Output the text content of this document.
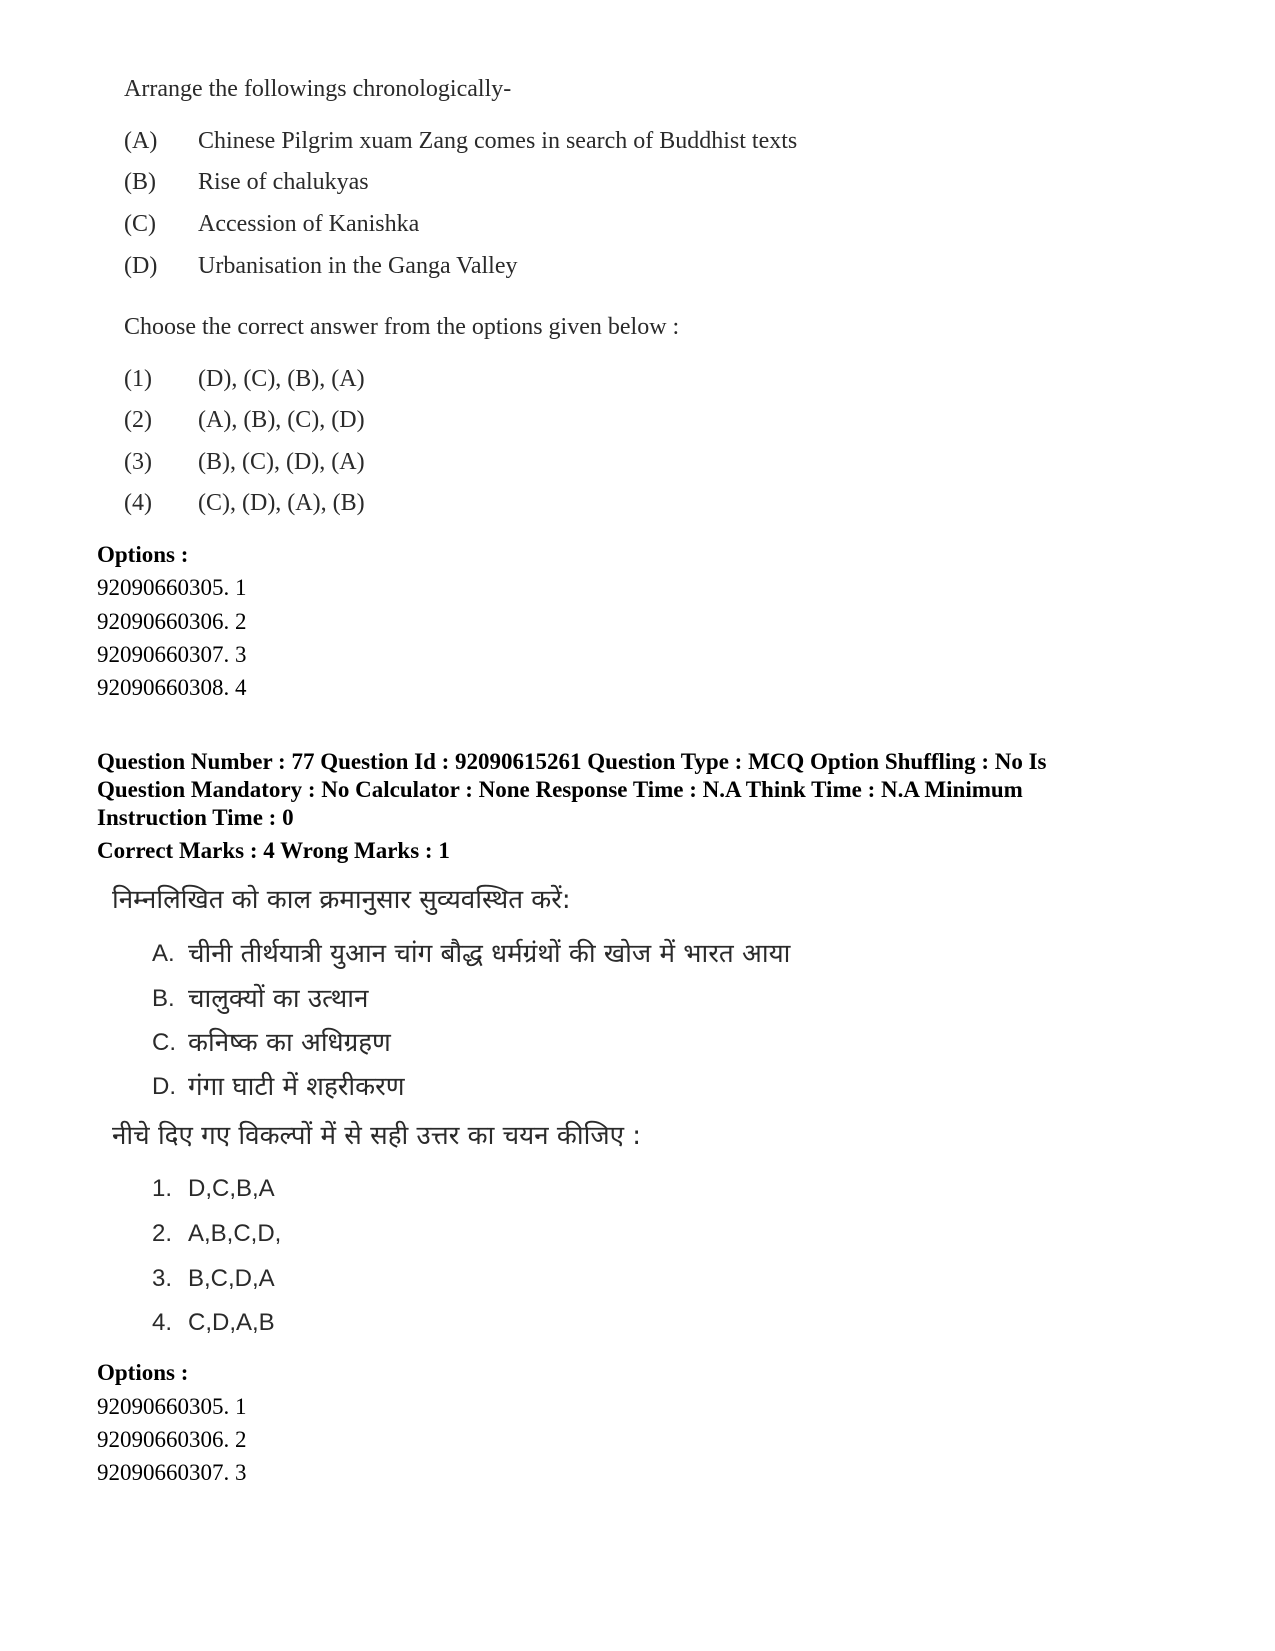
Arrange the followings chronologically-
(A) Chinese Pilgrim xuam Zang comes in search of Buddhist texts
(B) Rise of chalukyas
(C) Accession of Kanishka
(D) Urbanisation in the Ganga Valley
Choose the correct answer from the options given below :
(1) (D), (C), (B), (A)
(2) (A), (B), (C), (D)
(3) (B), (C), (D), (A)
(4) (C), (D), (A), (B)
Options :
92090660305. 1
92090660306. 2
92090660307. 3
92090660308. 4
Question Number : 77 Question Id : 92090615261 Question Type : MCQ Option Shuffling : No Is
Question Mandatory : No Calculator : None Response Time : N.A Think Time : N.A Minimum
Instruction Time : 0
Correct Marks : 4 Wrong Marks : 1
निम्नलिखित को काल क्रमानुसार सुव्यवस्थित करें:
A. चीनी तीर्थयात्री युआन चांग बौद्ध धर्मग्रंथों की खोज में भारत आया
B. चालुक्यों का उत्थान
C. कनिष्क का अधिग्रहण
D. गंगा घाटी में शहरीकरण
नीचे दिए गए विकल्पों में से सही उत्तर का चयन कीजिए :
1. D,C,B,A
2. A,B,C,D,
3. B,C,D,A
4. C,D,A,B
Options :
92090660305. 1
92090660306. 2
92090660307. 3
